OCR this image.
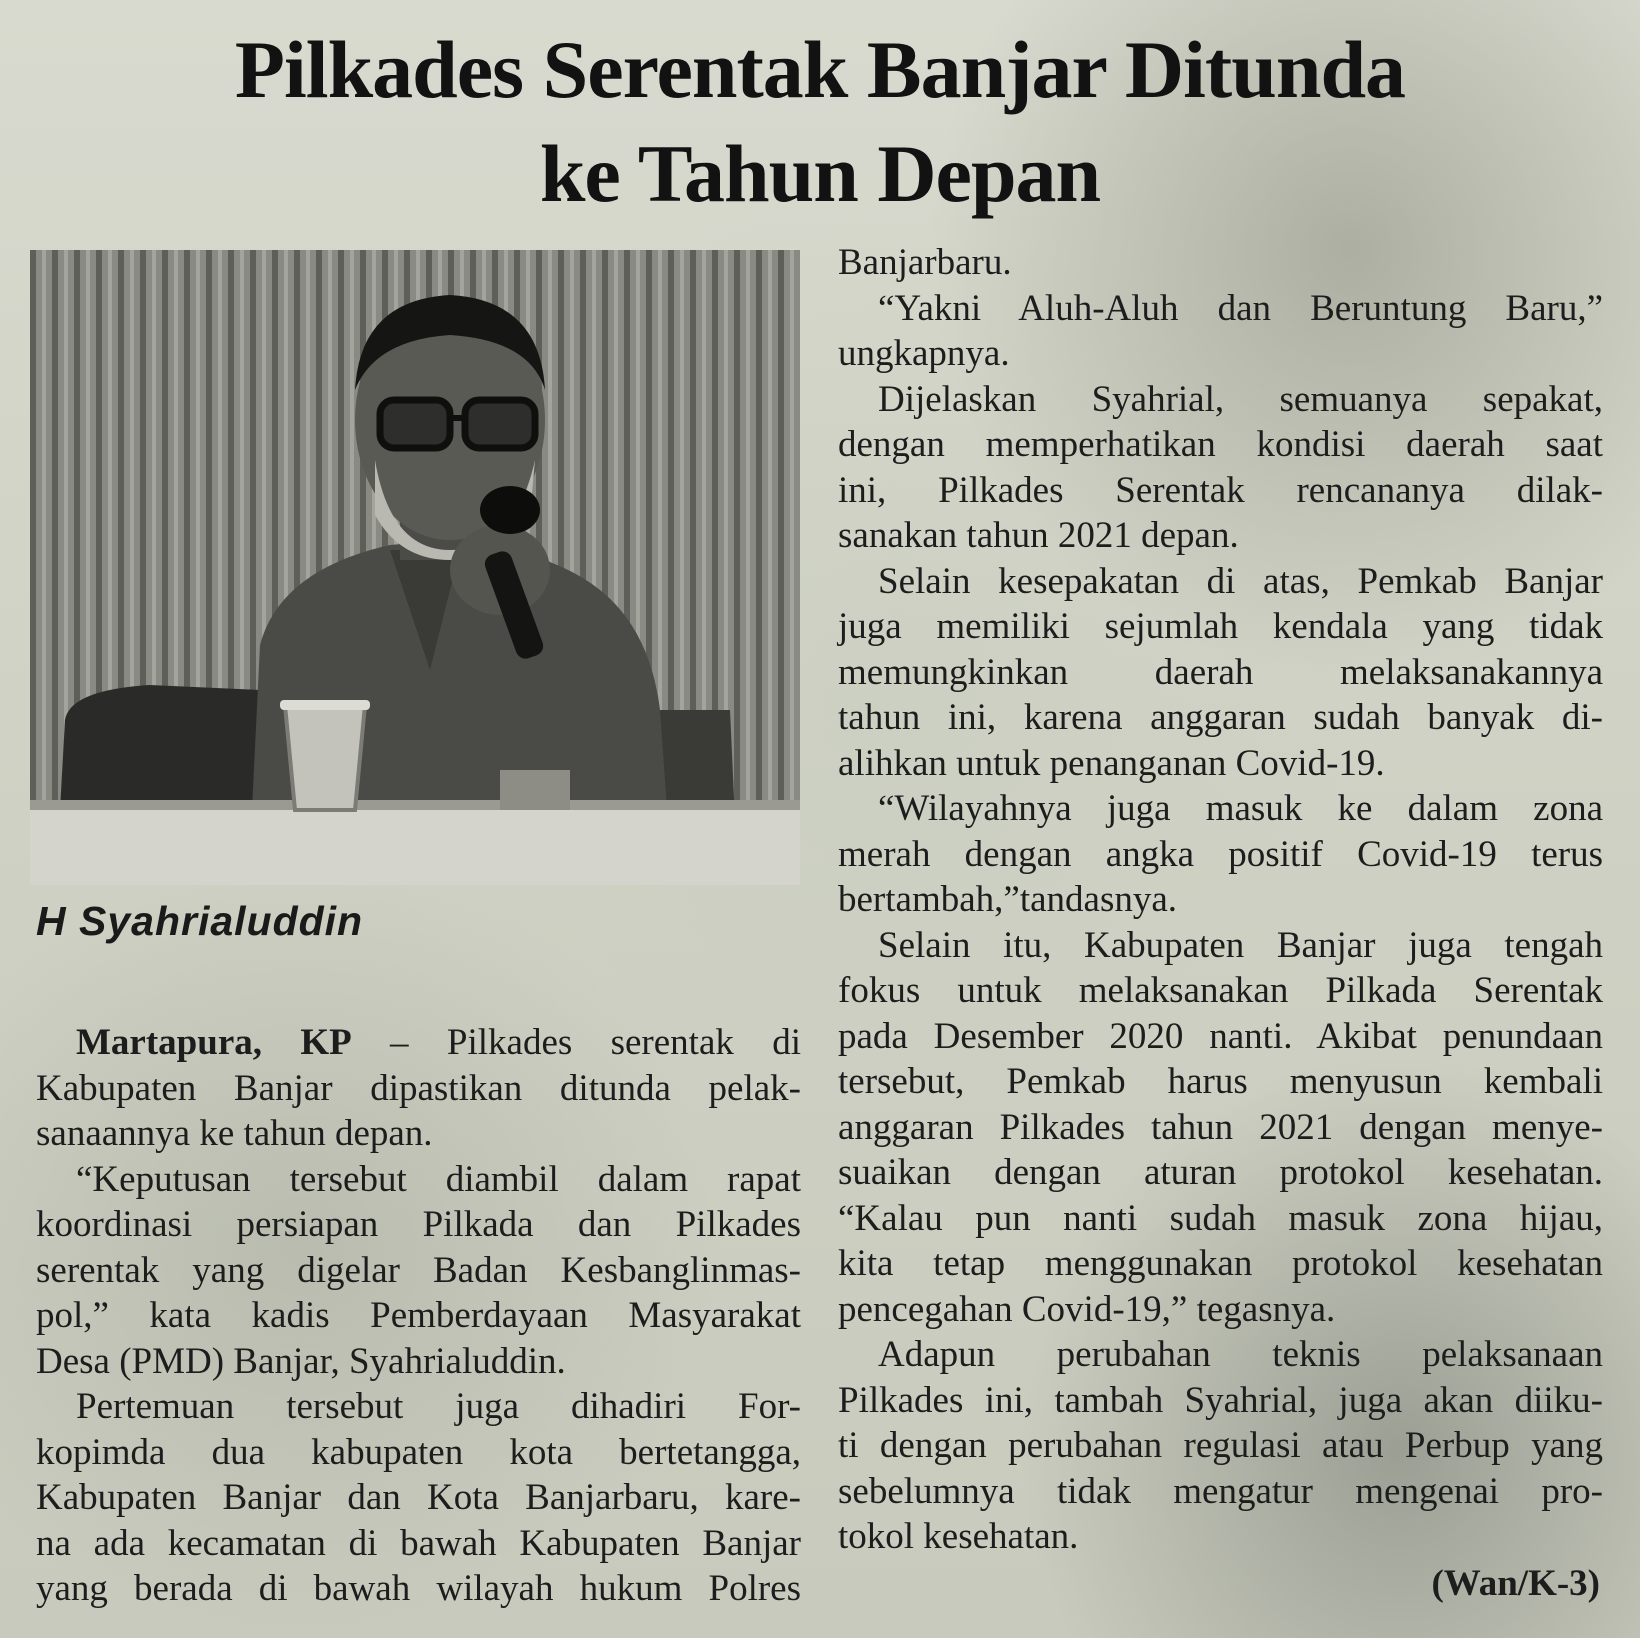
Pilkades Serentak Banjar Ditunda
ke Tahun Depan
H Syahrialuddin
Martapura, KP – Pilkades serentak di
Kabupaten Banjar dipastikan ditunda pelak-
sanaannya ke tahun depan.
“Keputusan tersebut diambil dalam rapat
koordinasi persiapan Pilkada dan Pilkades
serentak yang digelar Badan Kesbanglinmas-
pol,” kata kadis Pemberdayaan Masyarakat
Desa (PMD) Banjar, Syahrialuddin.
Pertemuan tersebut juga dihadiri For-
kopimda dua kabupaten kota bertetangga,
Kabupaten Banjar dan Kota Banjarbaru, kare-
na ada kecamatan di bawah Kabupaten Banjar
yang berada di bawah wilayah hukum Polres
Banjarbaru.
“Yakni Aluh-Aluh dan Beruntung Baru,”
ungkapnya.
Dijelaskan Syahrial, semuanya sepakat,
dengan memperhatikan kondisi daerah saat
ini, Pilkades Serentak rencananya dilak-
sanakan tahun 2021 depan.
Selain kesepakatan di atas, Pemkab Banjar
juga memiliki sejumlah kendala yang tidak
memungkinkan daerah melaksanakannya
tahun ini, karena anggaran sudah banyak di-
alihkan untuk penanganan Covid-19.
“Wilayahnya juga masuk ke dalam zona
merah dengan angka positif Covid-19 terus
bertambah,”tandasnya.
Selain itu, Kabupaten Banjar juga tengah
fokus untuk melaksanakan Pilkada Serentak
pada Desember 2020 nanti. Akibat penundaan
tersebut, Pemkab harus menyusun kembali
anggaran Pilkades tahun 2021 dengan menye-
suaikan dengan aturan protokol kesehatan.
“Kalau pun nanti sudah masuk zona hijau,
kita tetap menggunakan protokol kesehatan
pencegahan Covid-19,” tegasnya.
Adapun perubahan teknis pelaksanaan
Pilkades ini, tambah Syahrial, juga akan diiku-
ti dengan perubahan regulasi atau Perbup yang
sebelumnya tidak mengatur mengenai pro-
tokol kesehatan.
(Wan/K-3)
